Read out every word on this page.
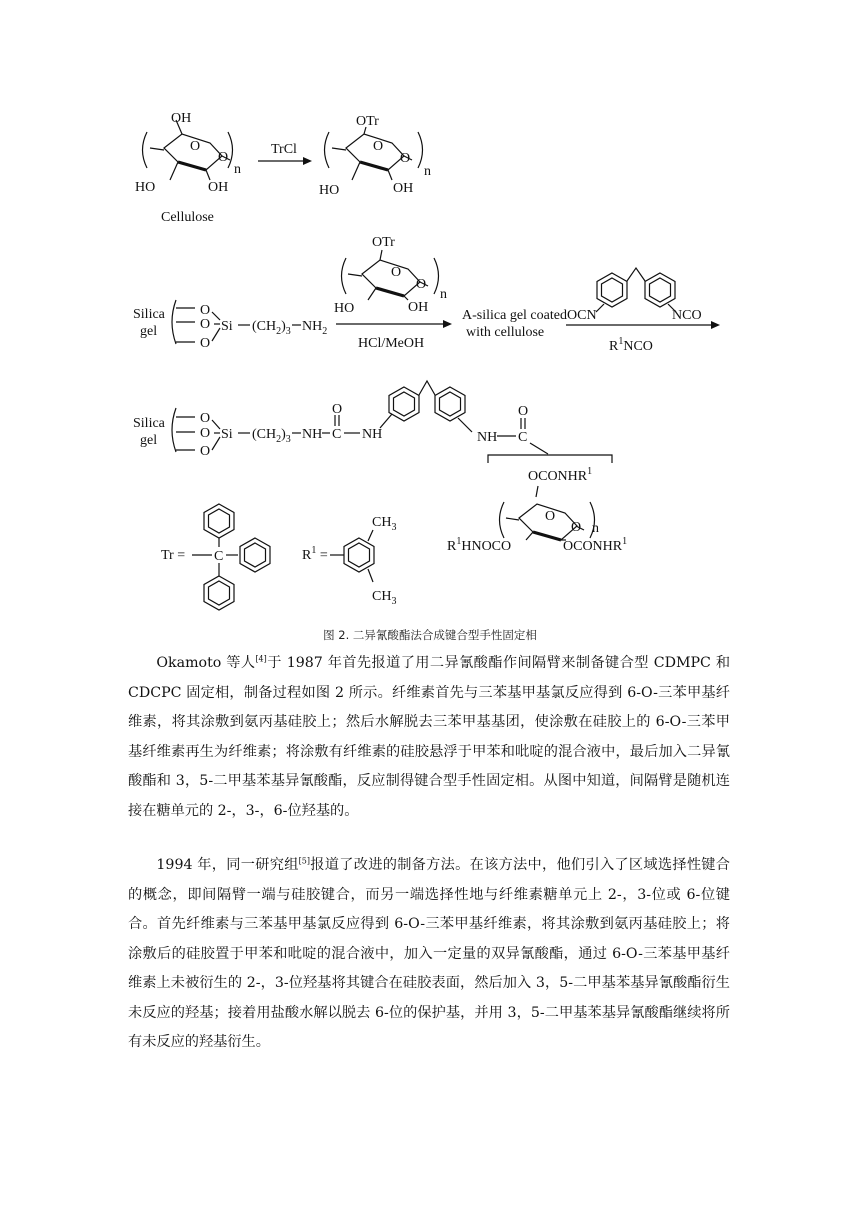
OH
O
O
HO	OH
n
Cellulose
TrCl
OTr
O
O
HO	OH
n
Silica
gel
O
O
O
Si $(CH_2)_3$ $NH_2$
OTr
O
O
HO	OH
n
HCl/MeOH
A-silica gel coated
with cellulose
OCN	NCO
$R^1NCO$
Silica
gel
O
O
O
Si $(CH_2)_3$ NH C
O
NH	NH C
O
OCONHR$^1$
O
O n
$R^1HNOCO$	OCONHR$^1$
Tr = C	$R^1$ =
$CH_3$
$CH_3$
图 2. 二异氰酸酯法合成键合型手性固定相

Okamoto 等人[4]于 1987 年首先报道了用二异氰酸酯作间隔臂来制备键合型 CDMPC 和 CDCPC 固定相，制备过程如图 2 所示。纤维素首先与三苯基甲基氯反应得到 6-O-三苯甲基纤维素，将其涂敷到氨丙基硅胶上；然后水解脱去三苯甲基基团，使涂敷在硅胶上的 6-O-三苯甲基纤维素再生为纤维素；将涂敷有纤维素的硅胶悬浮于甲苯和吡啶的混合液中，最后加入二异氰酸酯和 3，5-二甲基苯基异氰酸酯，反应制得键合型手性固定相。从图中知道，间隔臂是随机连接在糖单元的 2-，3-，6-位羟基的。

1994 年，同一研究组[5]报道了改进的制备方法。在该方法中，他们引入了区域选择性键合的概念，即间隔臂一端与硅胶键合，而另一端选择性地与纤维素糖单元上 2-，3-位或 6-位键合。首先纤维素与三苯基甲基氯反应得到 6-O-三苯甲基纤维素，将其涂敷到氨丙基硅胶上；将涂敷后的硅胶置于甲苯和吡啶的混合液中，加入一定量的双异氰酸酯，通过 6-O-三苯基甲基纤维素上未被衍生的 2-，3-位羟基将其键合在硅胶表面，然后加入 3，5-二甲基苯基异氰酸酯衍生未反应的羟基；接着用盐酸水解以脱去 6-位的保护基，并用 3，5-二甲基苯基异氰酸酯继续将所有未反应的羟基衍生。
